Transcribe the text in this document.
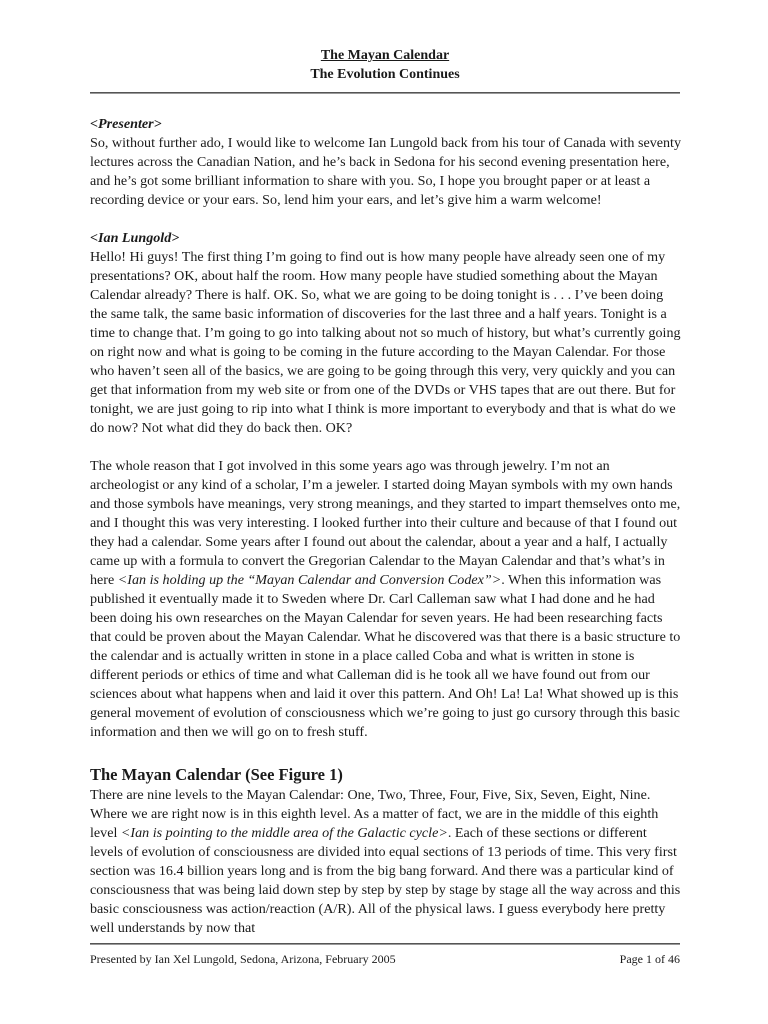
The Mayan Calendar
The Evolution Continues

<Presenter>

So, without further ado, I would like to welcome Ian Lungold back from his tour of Canada with seventy lectures across the Canadian Nation, and he’s back in Sedona for his second evening presentation here, and he’s got some brilliant information to share with you. So, I hope you brought paper or at least a recording device or your ears. So, lend him your ears, and let’s give him a warm welcome!

<Ian Lungold>

Hello! Hi guys! The first thing I’m going to find out is how many people have already seen one of my presentations? OK, about half the room. How many people have studied something about the Mayan Calendar already? There is half. OK. So, what we are going to be doing tonight is . . . I’ve been doing the same talk, the same basic information of discoveries for the last three and a half years. Tonight is a time to change that. I’m going to go into talking about not so much of history, but what’s currently going on right now and what is going to be coming in the future according to the Mayan Calendar. For those who haven’t seen all of the basics, we are going to be going through this very, very quickly and you can get that information from my web site or from one of the DVDs or VHS tapes that are out there. But for tonight, we are just going to rip into what I think is more important to everybody and that is what do we do now? Not what did they do back then. OK?

The whole reason that I got involved in this some years ago was through jewelry. I’m not an archeologist or any kind of a scholar, I’m a jeweler. I started doing Mayan symbols with my own hands and those symbols have meanings, very strong meanings, and they started to impart themselves onto me, and I thought this was very interesting. I looked further into their culture and because of that I found out they had a calendar. Some years after I found out about the calendar, about a year and a half, I actually came up with a formula to convert the Gregorian Calendar to the Mayan Calendar and that’s what’s in here <Ian is holding up the “Mayan Calendar and Conversion Codex”>. When this information was published it eventually made it to Sweden where Dr. Carl Calleman saw what I had done and he had been doing his own researches on the Mayan Calendar for seven years. He had been researching facts that could be proven about the Mayan Calendar. What he discovered was that there is a basic structure to the calendar and is actually written in stone in a place called Coba and what is written in stone is different periods or ethics of time and what Calleman did is he took all we have found out from our sciences about what happens when and laid it over this pattern. And Oh! La! La! What showed up is this general movement of evolution of consciousness which we’re going to just go cursory through this basic information and then we will go on to fresh stuff.

The Mayan Calendar (See Figure 1)

There are nine levels to the Mayan Calendar: One, Two, Three, Four, Five, Six, Seven, Eight, Nine. Where we are right now is in this eighth level. As a matter of fact, we are in the middle of this eighth level <Ian is pointing to the middle area of the Galactic cycle>. Each of these sections or different levels of evolution of consciousness are divided into equal sections of 13 periods of time. This very first section was 16.4 billion years long and is from the big bang forward. And there was a particular kind of consciousness that was being laid down step by step by step by stage by stage all the way across and this basic consciousness was action/reaction (A/R). All of the physical laws. I guess everybody here pretty well understands by now that

Presented by Ian Xel Lungold, Sedona, Arizona, February 2005	Page 1 of 46
